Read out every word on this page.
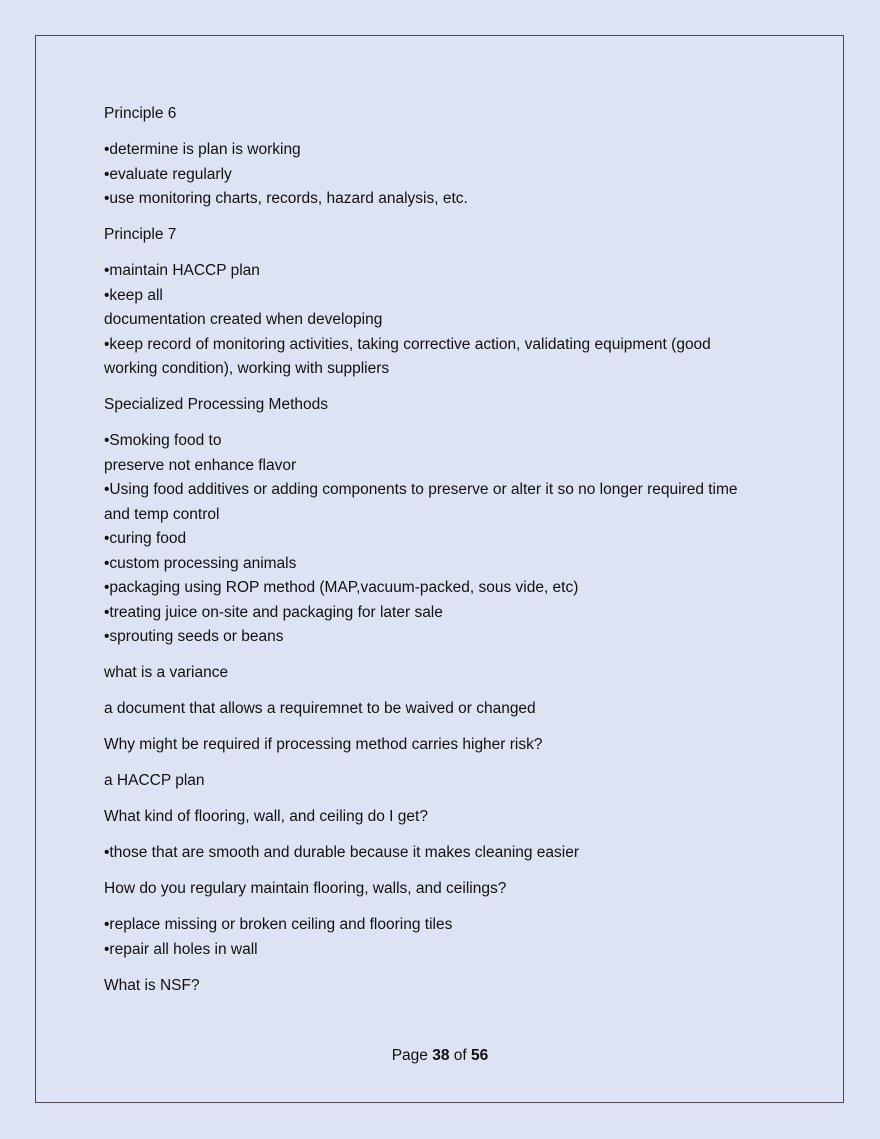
Principle 6
•determine is plan is working
•evaluate regularly
•use monitoring charts, records, hazard analysis, etc.
Principle 7
•maintain HACCP plan
•keep all
documentation created when developing
•keep record of monitoring activities, taking corrective action, validating equipment (good
working condition), working with suppliers
Specialized Processing Methods
•Smoking food to
preserve not enhance flavor
•Using food additives or adding components to preserve or alter it so no longer required time
and temp control
•curing food
•custom processing animals
•packaging using ROP method (MAP,vacuum-packed, sous vide, etc)
•treating juice on-site and packaging for later sale
•sprouting seeds or beans
what is a variance
a document that allows a requiremnet to be waived or changed
Why might be required if processing method carries higher risk?
a HACCP plan
What kind of flooring, wall, and ceiling do I get?
•those that are smooth and durable because it makes cleaning easier
How do you regulary maintain flooring, walls, and ceilings?
•replace missing or broken ceiling and flooring tiles
•repair all holes in wall
What is NSF?
Page 38 of 56
